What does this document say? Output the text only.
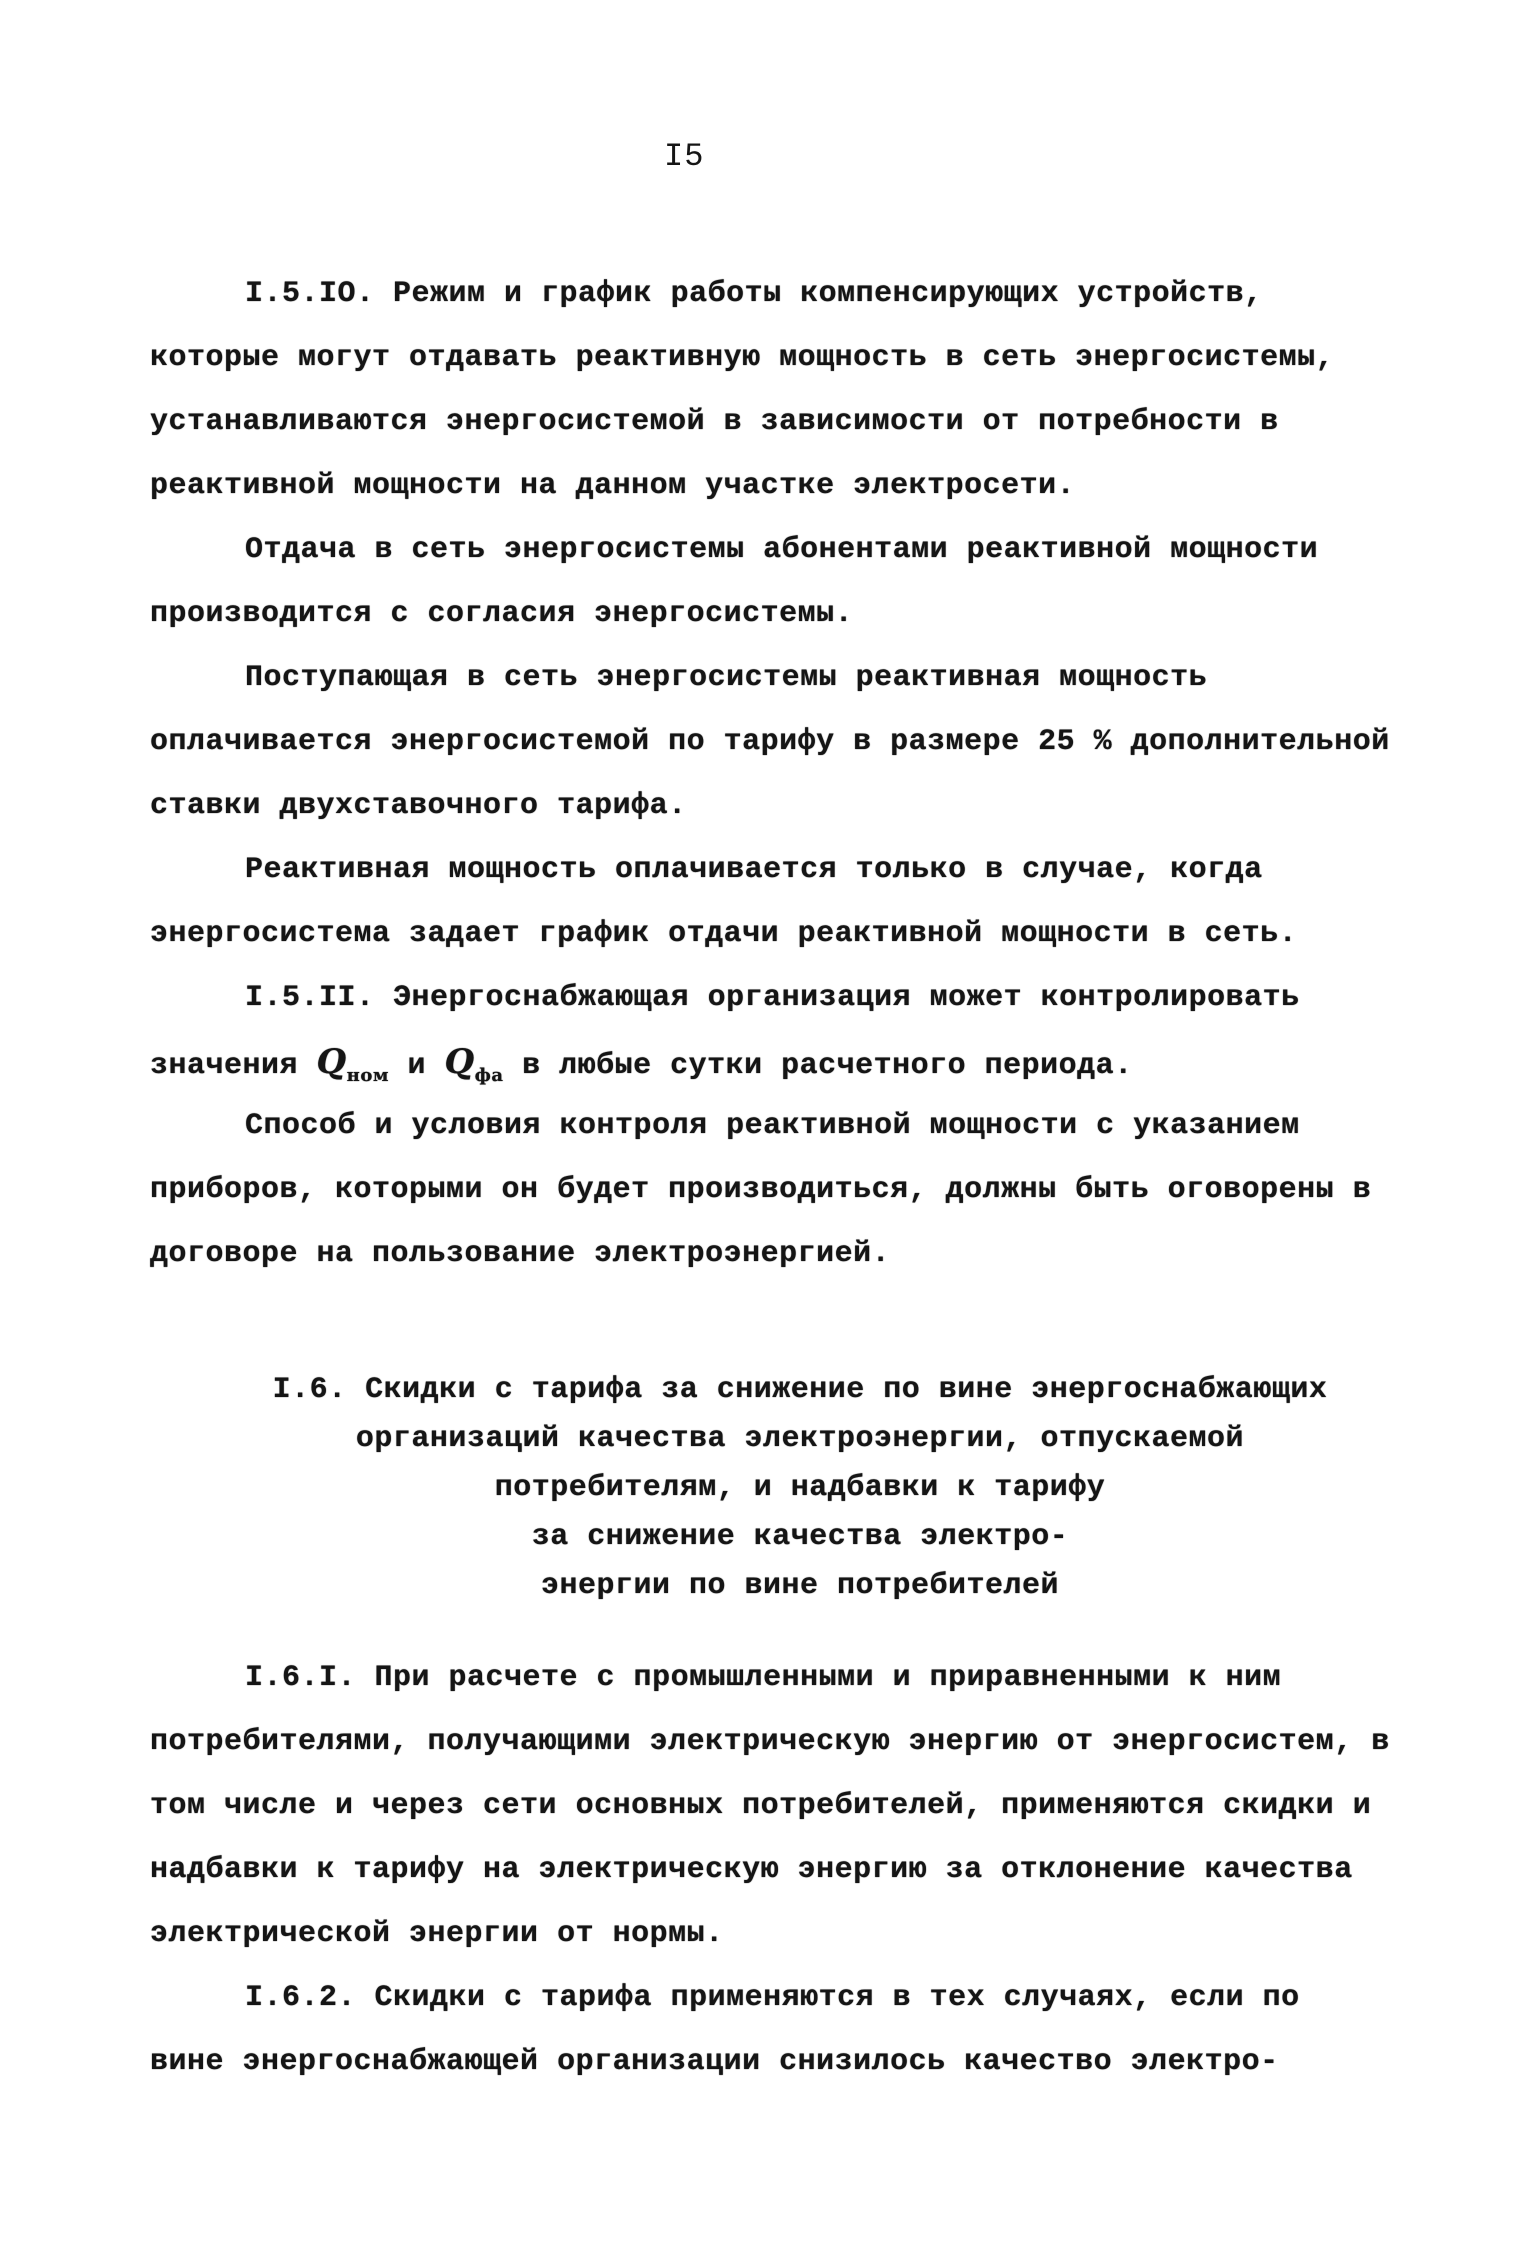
I5
I.5.IO. Режим и график работы компенсирующих устройств, которые могут отдавать реактивную мощность в сеть энергосистемы, устанавливаются энергосистемой в зависимости от потребности в реактивной мощности на данном участке электросети.
Отдача в сеть энергосистемы абонентами реактивной мощности производится с согласия энергосистемы.
Поступающая в сеть энергосистемы реактивная мощность оплачивается энергосистемой по тарифу в размере 25 % дополнительной ставки двухставочного тарифа.
Реактивная мощность оплачивается только в случае, когда энергосистема задает график отдачи реактивной мощности в сеть.
I.5.II. Энергоснабжающая организация может контролировать значения $Q_{ном}$ и $Q_{фа}$ в любые сутки расчетного периода.
Способ и условия контроля реактивной мощности с указанием приборов, которыми он будет производиться, должны быть оговорены в договоре на пользование электроэнергией.
I.6. Скидки с тарифа за снижение по вине энергоснабжающих
организаций качества электроэнергии, отпускаемой
потребителям, и надбавки к тарифу
за снижение качества электро-
энергии по вине потребителей
I.6.I. При расчете с промышленными и приравненными к ним потребителями, получающими электрическую энергию от энергосистем, в том числе и через сети основных потребителей, применяются скидки и надбавки к тарифу на электрическую энергию за отклонение качества электрической энергии от нормы.
I.6.2. Скидки с тарифа применяются в тех случаях, если по вине энергоснабжающей организации снизилось качество электро-
